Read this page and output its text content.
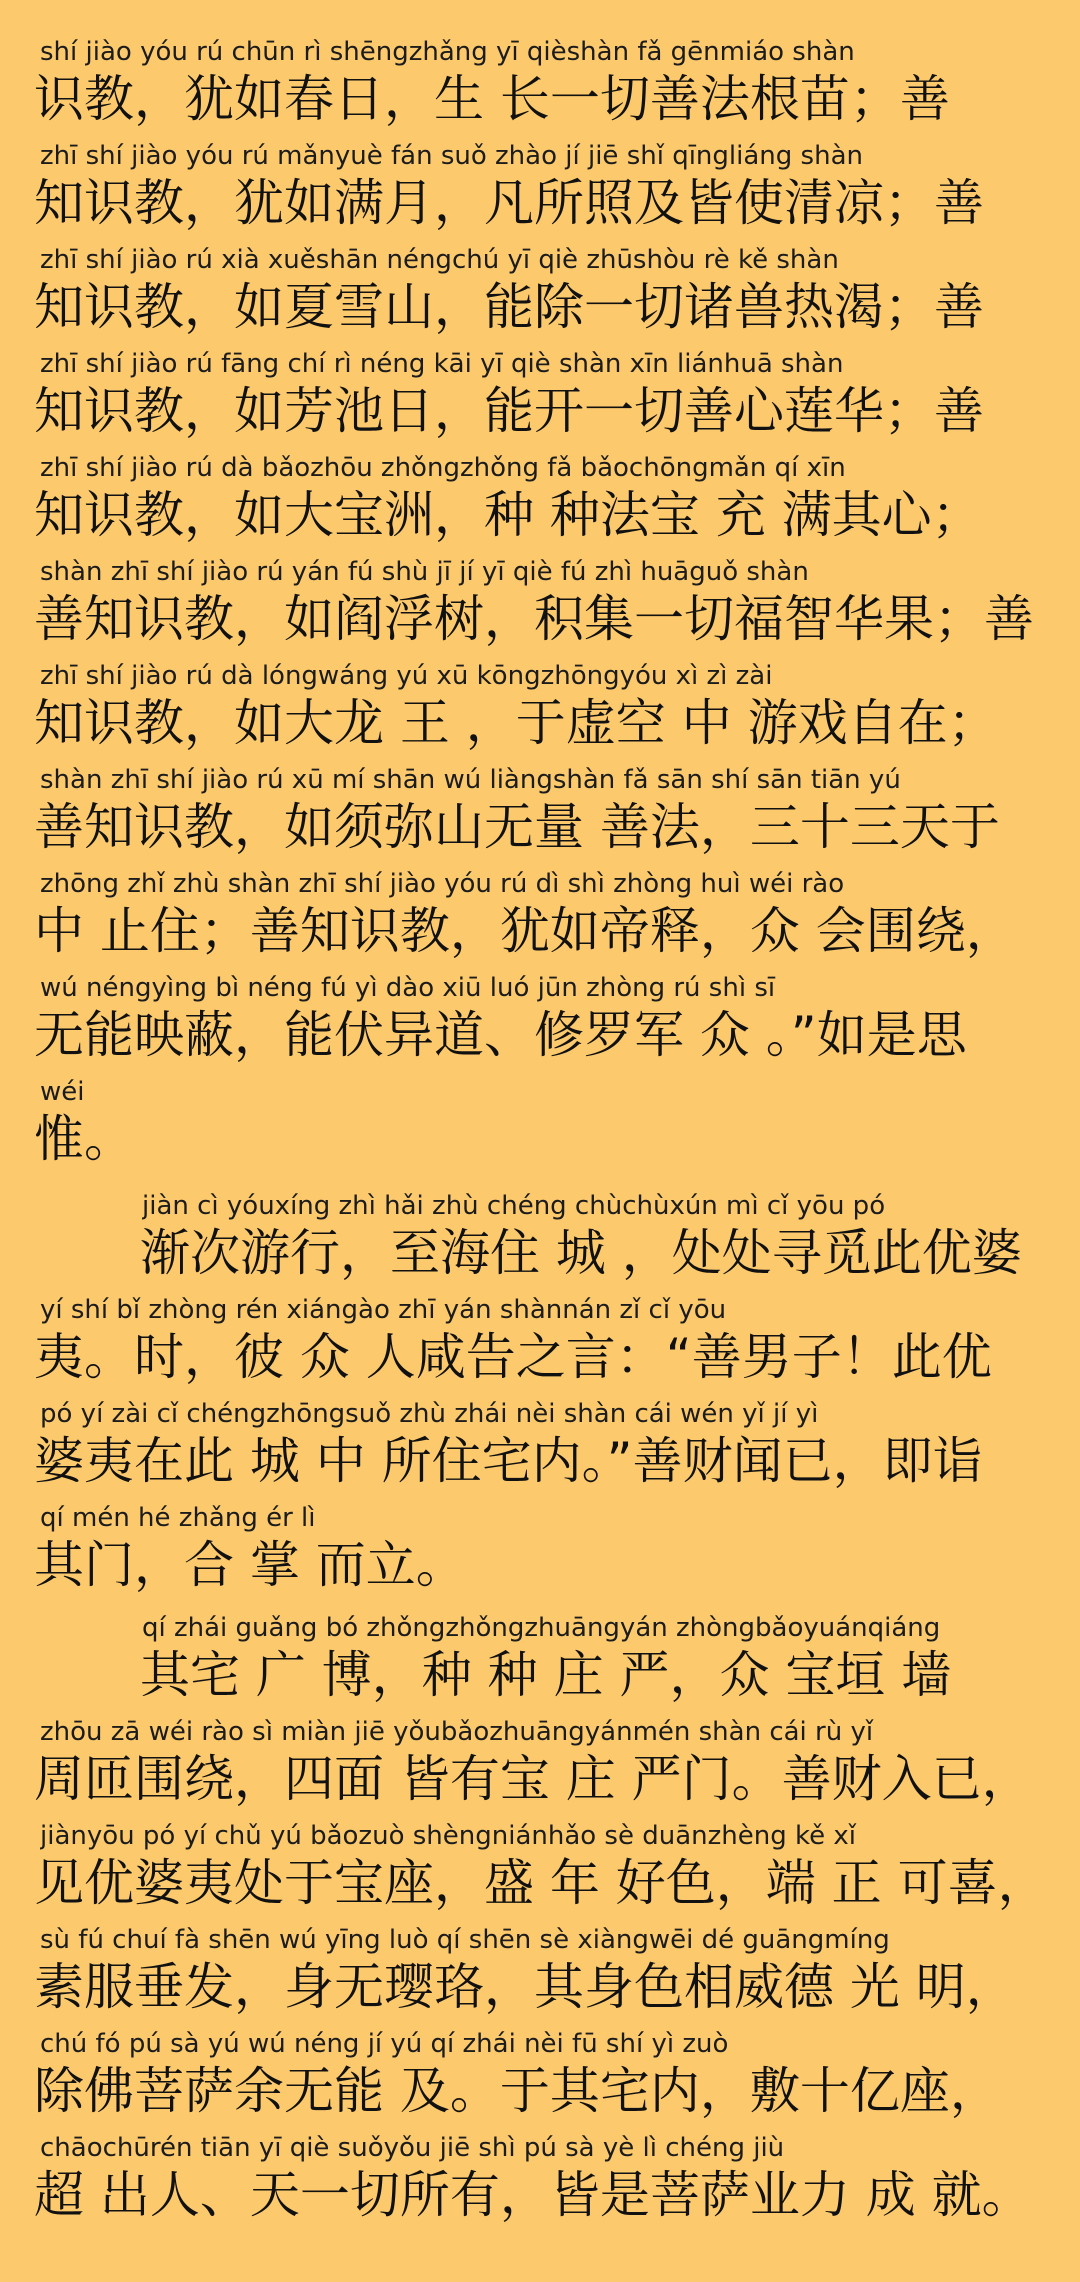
shí jiào yóu rú chūn rì shēngzhǎng yī qièshàn fǎ gēnmiáo shàn
识教，犹如春日，生 长一切善法根苗；善
zhī shí jiào yóu rú mǎnyuè fán suǒ zhào jí jiē shǐ qīngliáng shàn
知识教，犹如满月，凡所照及皆使清凉；善
zhī shí jiào rú xià xuěshān néngchú yī qiè zhūshòu rè kě shàn
知识教，如夏雪山，能除一切诸兽热渴；善
zhī shí jiào rú fāng chí rì néng kāi yī qiè shàn xīn liánhuā shàn
知识教，如芳池日，能开一切善心莲华；善
zhī shí jiào rú dà bǎozhōu zhǒngzhǒng fǎ bǎochōngmǎn qí xīn
知识教，如大宝洲，种 种法宝 充 满其心；
shàn zhī shí jiào rú yán fú shù jī jí yī qiè fú zhì huāguǒ shàn
善知识教，如阎浮树，积集一切福智华果；善
zhī shí jiào rú dà lóngwáng yú xū kōngzhōngyóu xì zì zài
知识教，如大龙 王 ，于虚空 中 游戏自在；
shàn zhī shí jiào rú xū mí shān wú liàngshàn fǎ sān shí sān tiān yú
善知识教，如须弥山无量 善法，三十三天于
zhōng zhǐ zhù shàn zhī shí jiào yóu rú dì shì zhòng huì wéi rào
中 止住；善知识教，犹如帝释，众 会围绕，
wú néngyìng bì néng fú yì dào xiū luó jūn zhòng rú shì sī
无能映蔽，能伏异道、修罗军 众 。”如是思
wéi
惟。
jiàn cì yóuxíng zhì hǎi zhù chéng chùchùxún mì cǐ yōu pó
渐次游行，至海住 城 ，处处寻觅此优婆
yí shí bǐ zhòng rén xiángào zhī yán shànnán zǐ cǐ yōu
夷。时，彼 众 人咸告之言：“善男子！此优
pó yí zài cǐ chéngzhōngsuǒ zhù zhái nèi shàn cái wén yǐ jí yì
婆夷在此 城 中 所住宅内。”善财闻已，即诣
qí mén hé zhǎng ér lì
其门，合 掌 而立。
qí zhái guǎng bó zhǒngzhǒngzhuāngyán zhòngbǎoyuánqiáng
其宅 广 博，种 种 庄 严，众 宝垣 墙
zhōu zā wéi rào sì miàn jiē yǒubǎozhuāngyánmén shàn cái rù yǐ
周匝围绕，四面 皆有宝 庄 严门。善财入已，
jiànyōu pó yí chǔ yú bǎozuò shèngniánhǎo sè duānzhèng kě xǐ
见优婆夷处于宝座，盛 年 好色，端 正 可喜，
sù fú chuí fà shēn wú yīng luò qí shēn sè xiàngwēi dé guāngmíng
素服垂发，身无璎珞，其身色相威德 光 明，
chú fó pú sà yú wú néng jí yú qí zhái nèi fū shí yì zuò
除佛菩萨余无能 及。于其宅内，敷十亿座，
chāochūrén tiān yī qiè suǒyǒu jiē shì pú sà yè lì chéng jiù
超 出人、天一切所有，皆是菩萨业力 成 就。
